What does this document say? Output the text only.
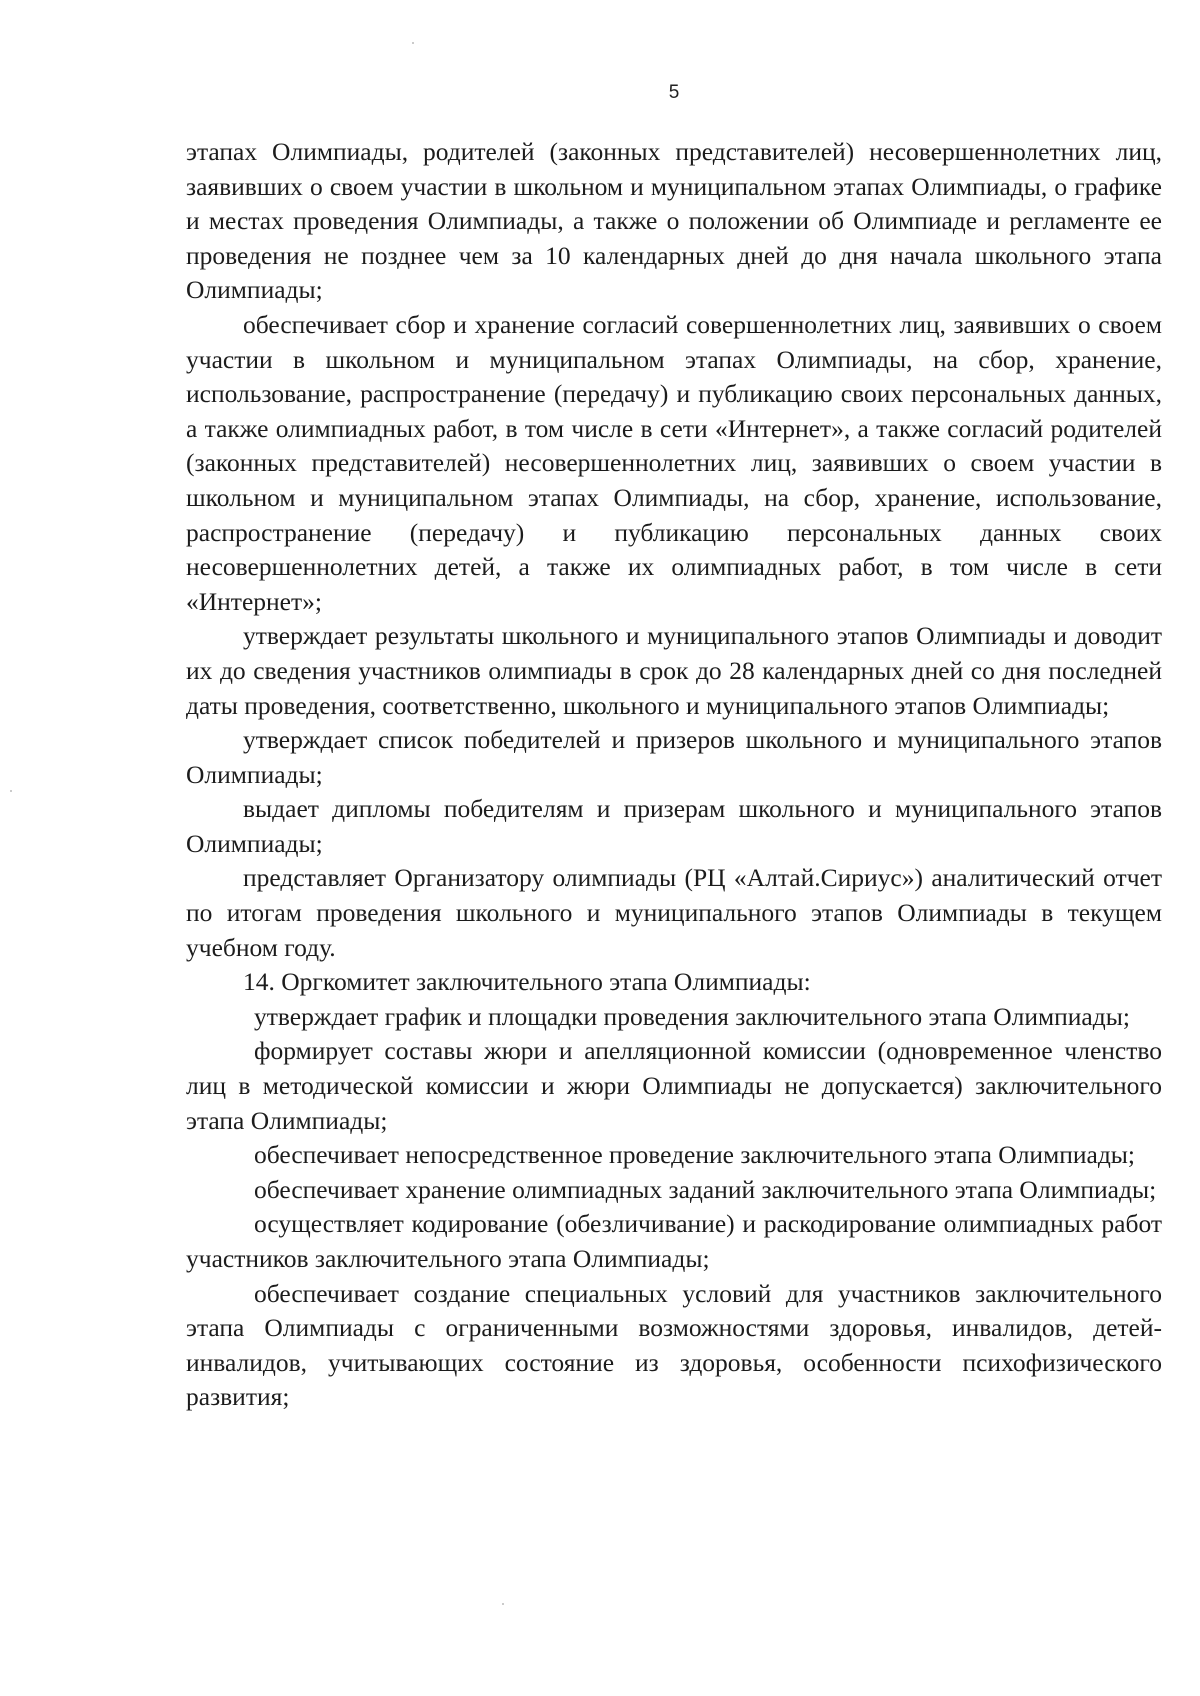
5

этапах Олимпиады, родителей (законных представителей) несовершеннолетних лиц, заявивших о своем участии в школьном и муниципальном этапах Олимпиады, о графике и местах проведения Олимпиады, а также о положении об Олимпиаде и регламенте ее проведения не позднее чем за 10 календарных дней до дня начала школьного этапа Олимпиады;

обеспечивает сбор и хранение согласий совершеннолетних лиц, заявивших о своем участии в школьном и муниципальном этапах Олимпиады, на сбор, хранение, использование, распространение (передачу) и публикацию своих персональных данных, а также олимпиадных работ, в том числе в сети «Интернет», а также согласий родителей (законных представителей) несовершеннолетних лиц, заявивших о своем участии в школьном и муниципальном этапах Олимпиады, на сбор, хранение, использование, распространение (передачу) и публикацию персональных данных своих несовершеннолетних детей, а также их олимпиадных работ, в том числе в сети «Интернет»;

утверждает результаты школьного и муниципального этапов Олимпиады и доводит их до сведения участников олимпиады в срок до 28 календарных дней со дня последней даты проведения, соответственно, школьного и муниципального этапов Олимпиады;

утверждает список победителей и призеров школьного и муниципального этапов Олимпиады;

выдает дипломы победителям и призерам школьного и муниципального этапов Олимпиады;

представляет Организатору олимпиады (РЦ «Алтай.Сириус») аналитический отчет по итогам проведения школьного и муниципального этапов Олимпиады в текущем учебном году.

14. Оргкомитет заключительного этапа Олимпиады:

утверждает график и площадки проведения заключительного этапа Олимпиады;

формирует составы жюри и апелляционной комиссии (одновременное членство лиц в методической комиссии и жюри Олимпиады не допускается) заключительного этапа Олимпиады;

обеспечивает непосредственное проведение заключительного этапа Олимпиады;

обеспечивает хранение олимпиадных заданий заключительного этапа Олимпиады;

осуществляет кодирование (обезличивание) и раскодирование олимпиадных работ участников заключительного этапа Олимпиады;

обеспечивает создание специальных условий для участников заключительного этапа Олимпиады с ограниченными возможностями здоровья, инвалидов, детей-инвалидов, учитывающих состояние из здоровья, особенности психофизического развития;
